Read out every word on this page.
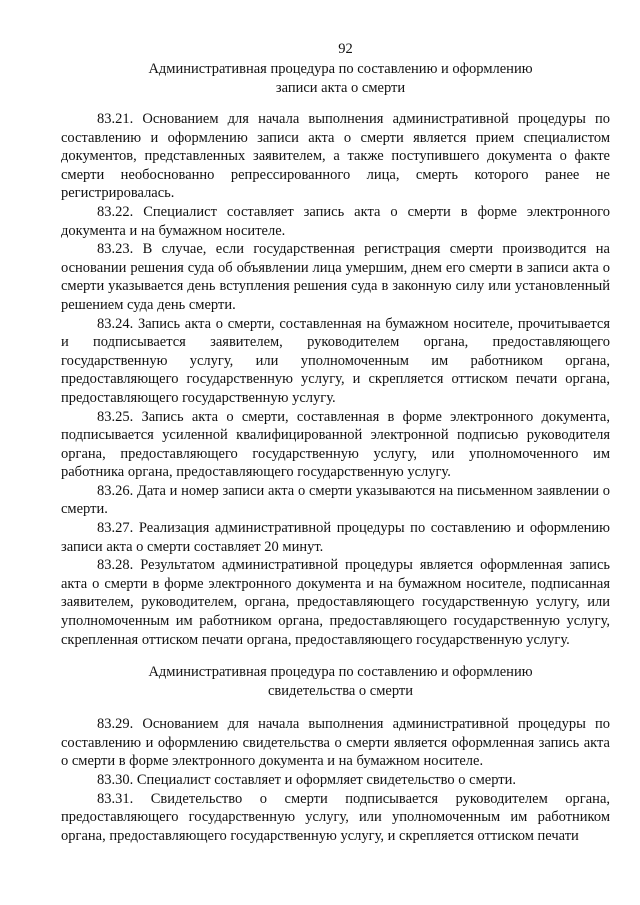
92
Административная процедура по составлению и оформлению
записи акта о смерти

83.21. Основанием для начала выполнения административной процедуры по составлению и оформлению записи акта о смерти является прием специалистом документов, представленных заявителем, а также поступившего документа о факте смерти необоснованно репрессированного лица, смерть которого ранее не регистрировалась.

83.22. Специалист составляет запись акта о смерти в форме электронного документа и на бумажном носителе.

83.23. В случае, если государственная регистрация смерти производится на основании решения суда об объявлении лица умершим, днем его смерти в записи акта о смерти указывается день вступления решения суда в законную силу или установленный решением суда день смерти.

83.24. Запись акта о смерти, составленная на бумажном носителе, прочитывается и подписывается заявителем, руководителем органа, предоставляющего государственную услугу, или уполномоченным им работником органа, предоставляющего государственную услугу, и скрепляется оттиском печати органа, предоставляющего государственную услугу.

83.25. Запись акта о смерти, составленная в форме электронного документа, подписывается усиленной квалифицированной электронной подписью руководителя органа, предоставляющего государственную услугу, или уполномоченного им работника органа, предоставляющего государственную услугу.

83.26. Дата и номер записи акта о смерти указываются на письменном заявлении о смерти.

83.27. Реализация административной процедуры по составлению и оформлению записи акта о смерти составляет 20 минут.

83.28. Результатом административной процедуры является оформленная запись акта о смерти в форме электронного документа и на бумажном носителе, подписанная заявителем, руководителем, органа, предоставляющего государственную услугу, или уполномоченным им работником органа, предоставляющего государственную услугу, скрепленная оттиском печати органа, предоставляющего государственную услугу.

Административная процедура по составлению и оформлению
свидетельства о смерти

83.29. Основанием для начала выполнения административной процедуры по составлению и оформлению свидетельства о смерти является оформленная запись акта о смерти в форме электронного документа и на бумажном носителе.

83.30. Специалист составляет и оформляет свидетельство о смерти.

83.31. Свидетельство о смерти подписывается руководителем органа, предоставляющего государственную услугу, или уполномоченным им работником органа, предоставляющего государственную услугу, и скрепляется оттиском печати
